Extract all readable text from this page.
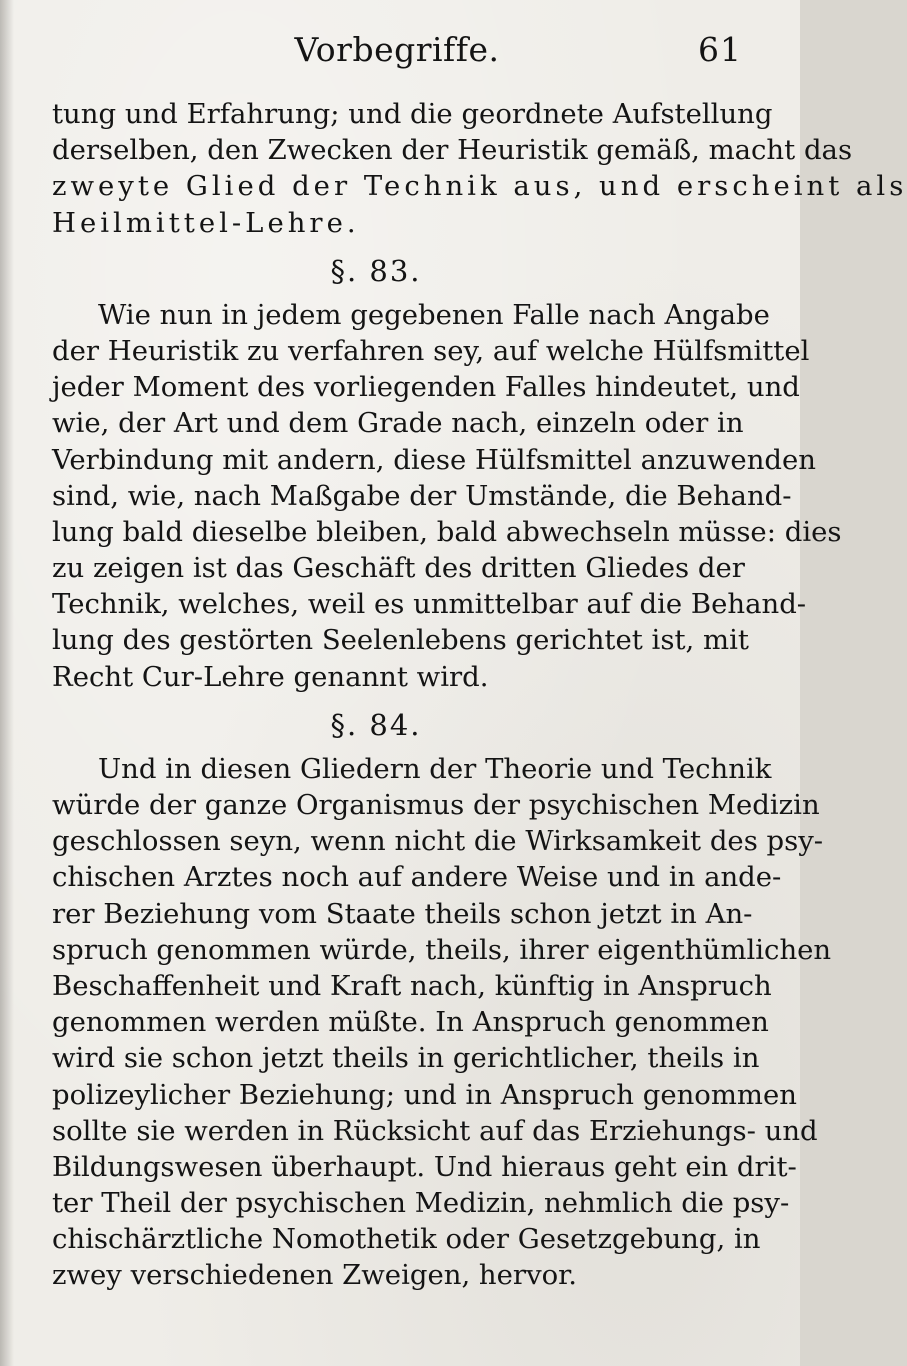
Vorbegriffe.	61
tung und Erfahrung; und die geordnete Aufstellung
derselben, den Zwecken der Heuristik gemäß, macht das
zweyte Glied der Technik aus, und erscheint als
Heilmittel-Lehre.
§. 83.
Wie nun in jedem gegebenen Falle nach Angabe
der Heuristik zu verfahren sey, auf welche Hülfsmittel
jeder Moment des vorliegenden Falles hindeutet, und
wie, der Art und dem Grade nach, einzeln oder in
Verbindung mit andern, diese Hülfsmittel anzuwenden
sind, wie, nach Maßgabe der Umstände, die Behand-
lung bald dieselbe bleiben, bald abwechseln müsse: dies
zu zeigen ist das Geschäft des dritten Gliedes der
Technik, welches, weil es unmittelbar auf die Behand-
lung des gestörten Seelenlebens gerichtet ist, mit
Recht Cur-Lehre genannt wird.
§. 84.
Und in diesen Gliedern der Theorie und Technik
würde der ganze Organismus der psychischen Medizin
geschlossen seyn, wenn nicht die Wirksamkeit des psy-
chischen Arztes noch auf andere Weise und in ande-
rer Beziehung vom Staate theils schon jetzt in An-
spruch genommen würde, theils, ihrer eigenthümlichen
Beschaffenheit und Kraft nach, künftig in Anspruch
genommen werden müßte. In Anspruch genommen
wird sie schon jetzt theils in gerichtlicher, theils in
polizeylicher Beziehung; und in Anspruch genommen
sollte sie werden in Rücksicht auf das Erziehungs- und
Bildungswesen überhaupt. Und hieraus geht ein drit-
ter Theil der psychischen Medizin, nehmlich die psy-
chischärztliche Nomothetik oder Gesetzgebung, in
zwey verschiedenen Zweigen, hervor.
